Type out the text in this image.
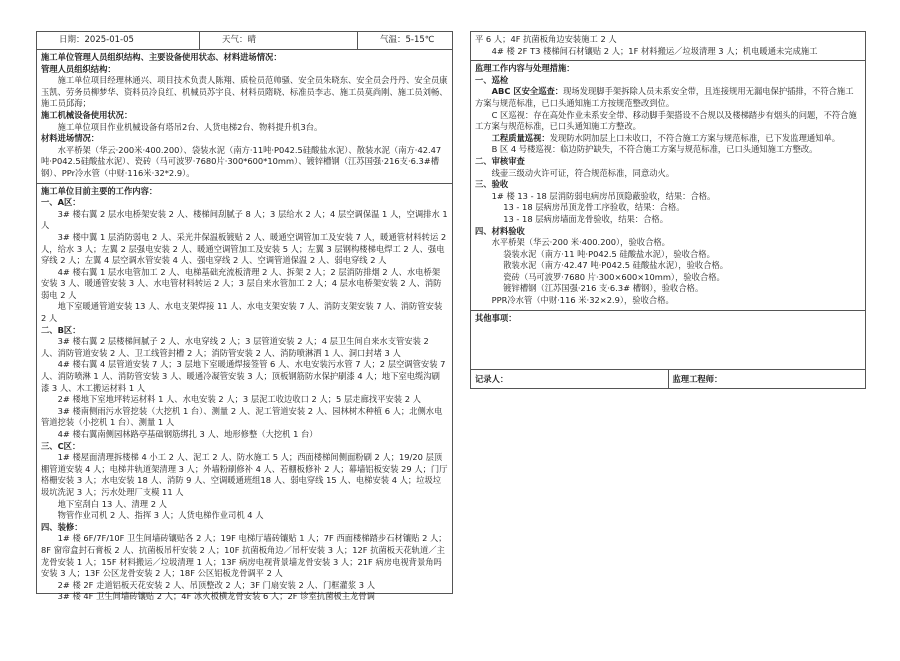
日期：2025-01-05	天气：晴	气温：5-15℃
施工单位管理人员组织结构、主要设备使用状态、材料进场情况：
管理人员组织结构：
施工单位项目经理林通兴、项目技术负责人陈翔、质检员范帅骚、安全员朱晓东、安全员会丹丹、安全员康玉凯、劳务员柳梦华、资料员冷良红、机械员苏宇良、材料员隋晓、标准员李志、施工员莫尚刚、施工员刘畅、施工员邱海；
施工机械设备使用状况：
施工单位项目作业机械设备有塔吊2台、人货电梯2台、物料提升机3台。
材料进场情况：
水平桥架（华云·200米·400.200）、袋装水泥（南方·11吨·P042.5硅酸盐水泥）、散装水泥（南方·42.47吨·P042.5硅酸盐水泥）、瓷砖（马可波罗·7680片·300*600*10mm）、镀锌槽钢（江苏国强·216支·6.3#槽钢）、PPr冷水管（中财·116米·32*2.9）。
施工单位目前主要的工作内容：
一、A区：
3# 楼右翼 2 层水电桥架安装 2 人、楼梯间刮腻子 8 人；3 层给水 2 人；4 层空调保温 1 人，空调排水 1 人
3# 楼中翼 1 层消防弱电 2 人、采光井保温板镀贴 2 人、暖通空调管加工及安装 7 人，暖通管材料转运 2 人，给水 3 人；左翼 2 层强电安装 2 人、暖通空调管加工及安装 5 人；左翼 3 层钢构楼梯电焊工 2 人、强电穿线 2 人；左翼 4 层空调水管安装 4 人、强电穿线 2 人、空调管道保温 2 人、弱电穿线 2 人
4# 楼右翼 1 层水电管加工 2 人、电梯基础充流板清理 2 人、拆架 2 人；2 层消防排烟 2 人、水电桥架安装 3 人、暖通管安装 3 人、水电管材料转运 2 人；3 层自来水管加工 2 人；4 层水电桥架安装 2 人、消防弱电 2 人
地下室暖通管道安装 13 人、水电支架焊接 11 人、水电支架安装 7 人、消防支架安装 7 人、消防管安装 2 人
二、B区：
3# 楼右翼 2 层楼梯间腻子 2 人、水电穿线 2 人；3 层管道安装 2 人；4 层卫生间自来水支管安装 2 人、消防管道安装 2 人、卫工线管封槽 2 人；消防管安装 2 人、消防喷淋洒 1 人、洞口封堵 3 人
4# 楼右翼 4 层管道安装 7 人；3 层地下室暖通焊接签管 6 人、水电安装污水管 7 人；2 层空调管安装 7 人、消防喷淋 1 人、消防管安装 3 人、暖通冷凝管安装 3 人；顶板钢筋防水保护刷漆 4 人；地下室电缆沟刷漆 3 人、木工搬运材料 1 人
2# 楼地下室地坪转运材料 1 人、水电安装 2 人；3 层泥工收边收口 2 人；5 层走廊找平安装 2 人
3# 楼南侧雨污水管挖装（大挖机 1 台）、测量 2 人、泥工管道安装 2 人、园林树木种植 6 人；北侧水电管道挖装（小挖机 1 台）、测量 1 人
4# 楼右翼南侧园林路亭基础钢筋绑扎 3 人、地形修整（大挖机 1 台）
三、C区：
1# 楼屋面清理拆楼梯 4 小工 2 人、泥工 2 人、防水施工 5 人；西面楼梯间侧面粉刷 2 人；19/20 层顶棚管道安装 4 人；电梯井轨道架清理 3 人；外墙粉刷修补 4 人、若棚板修补 2 人；幕墙铝板安装 29 人；门厅格栅安装 3 人；水电安装 18 人、消防 9 人、空调暖通班组18 人、弱电穿线 15 人、电梯安装 4 人；垃圾垃圾坑洗泥 3 人；污水处理厂支模 11 人
地下室刮白 13 人、清理 2 人
物管作业司机 2 人、指挥 3 人；人货电梯作业司机 4 人
四、装修：
1# 楼 6F/7F/10F 卫生间墙砖镶贴各 2 人；19F 电梯厅墙砖镶贴 1 人；7F 西面楼梯踏步石材镶贴 2 人；8F 窗帘盒封石膏板 2 人、抗菌板吊杆安装 2 人；10F 抗菌板角边／吊杆安装 3 人；12F 抗菌板天花轨道／主龙骨安装 1 人；15F 材料搬运／垃圾清理 1 人；13F 病房电视背景墙龙骨安装 3 人；21F 病房电视背景角吗安装 3 人；13F 公区龙骨安装 2 人；18F 公区铝板龙骨调平 2 人
2# 楼 2F 走道铝板天花安装 2 人、吊顶整改 2 人；3F 门扇安装 2 人、门框灌浆 3 人
3# 楼 4F 卫生间墙砖镶贴 2 人；4F 冰火板横龙骨安装 6 人；2F 诊室抗菌板主龙骨调
平 6 人；4F 抗菌板角边安装施工 2 人
4# 楼 2F T3 楼梯间石材镶贴 2 人；1F 材料搬运／垃圾清理 3 人；机电暖通未完成施工
监理工作内容与处理措施：
一、巡检
ABC 区安全巡查：现场发现脚手架拆除人员未系安全带，且连接规用无漏电保护插排，不符合施工方案与规范标准，已口头通知施工方按规范整改到位。
C 区巡视：存在高处作业未系安全带、移动脚手架搭设不合规以及楼梯踏步有烟头的问题，不符合施工方案与规范标准，已口头通知施工方整改。
工程质量巡视：发现防水阴加层上口未收口，不符合施工方案与规范标准，已下发监理通知单。
B 区 4 号楼巡视：临边防护缺失，不符合施工方案与规范标准，已口头通知施工方整改。
二、审核审查
线壶三级动火许可证，符合规范标准，同意动火。
三、验收
1# 楼 13 - 18 层消防弱电病房吊顶隐蔽验收，结果：合格。
13 - 18 层病房吊顶龙骨工序验收，结果：合格。
13 - 18 层病房墙面龙骨验收，结果：合格。
四、材料验收
水平桥架（华云·200 米·400.200），验收合格。
袋装水泥（南方·11 吨·P042.5 硅酸盐水泥），验收合格。
散装水泥（南方·42.47 吨·P042.5 硅酸盐水泥），验收合格。
瓷砖（马可波罗·7680 片·300×600×10mm），验收合格。
镀锌槽钢（江苏国强·216 支·6.3# 槽钢），验收合格。
PPR冷水管（中财·116 米·32×2.9），验收合格。
其他事项：
记录人：	监理工程师：
